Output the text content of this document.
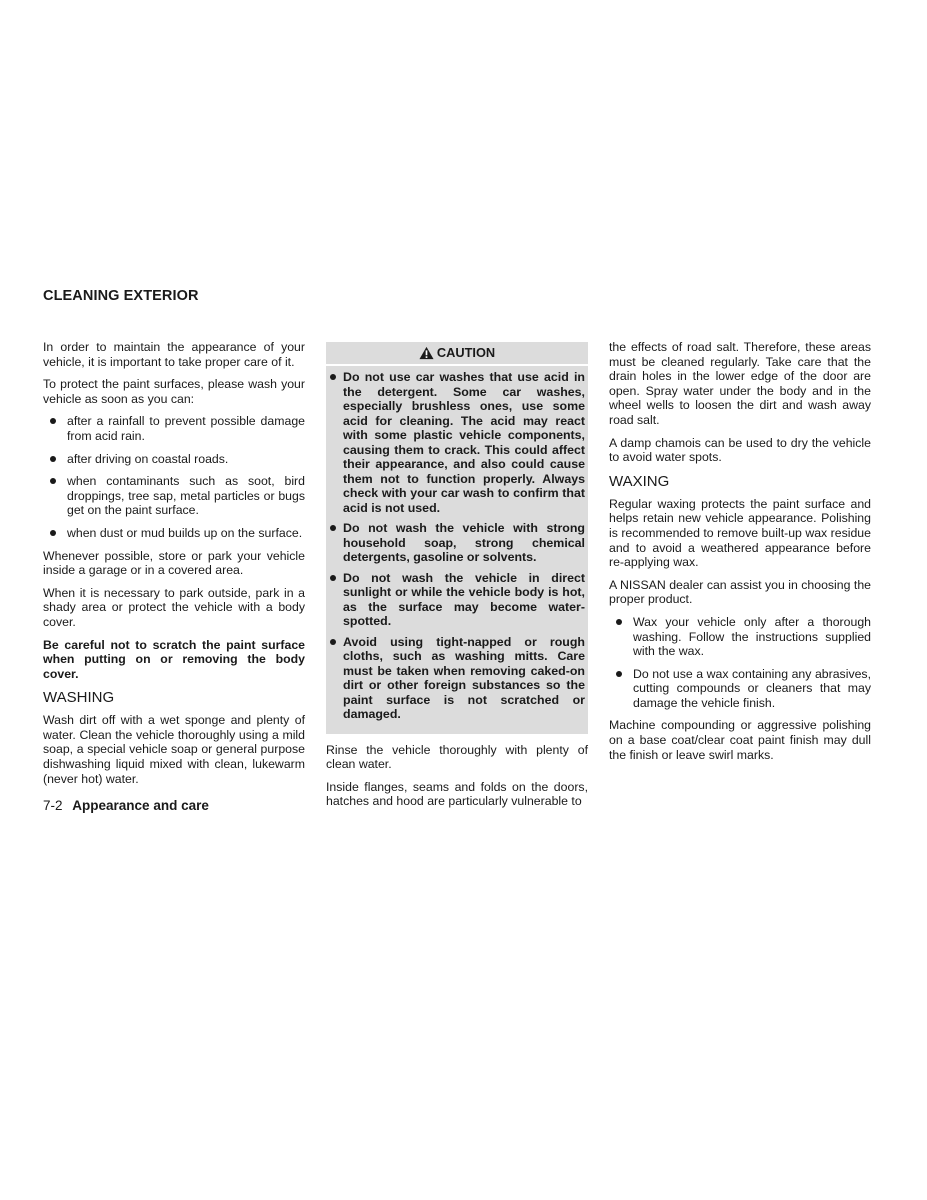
CLEANING EXTERIOR

In order to maintain the appearance of your vehicle, it is important to take proper care of it.

To protect the paint surfaces, please wash your vehicle as soon as you can:

after a rainfall to prevent possible damage from acid rain.
after driving on coastal roads.
when contaminants such as soot, bird droppings, tree sap, metal particles or bugs get on the paint surface.
when dust or mud builds up on the surface.

Whenever possible, store or park your vehicle inside a garage or in a covered area.

When it is necessary to park outside, park in a shady area or protect the vehicle with a body cover.

Be careful not to scratch the paint surface when putting on or removing the body cover.

WASHING

Wash dirt off with a wet sponge and plenty of water. Clean the vehicle thoroughly using a mild soap, a special vehicle soap or general purpose dishwashing liquid mixed with clean, lukewarm (never hot) water.

CAUTION
Do not use car washes that use acid in the detergent. Some car washes, especially brushless ones, use some acid for cleaning. The acid may react with some plastic vehicle components, causing them to crack. This could affect their appearance, and also could cause them not to function properly. Always check with your car wash to confirm that acid is not used.
Do not wash the vehicle with strong household soap, strong chemical detergents, gasoline or solvents.
Do not wash the vehicle in direct sunlight or while the vehicle body is hot, as the surface may become water-spotted.
Avoid using tight-napped or rough cloths, such as washing mitts. Care must be taken when removing caked-on dirt or other foreign substances so the paint surface is not scratched or damaged.

Rinse the vehicle thoroughly with plenty of clean water.

Inside flanges, seams and folds on the doors, hatches and hood are particularly vulnerable to

the effects of road salt. Therefore, these areas must be cleaned regularly. Take care that the drain holes in the lower edge of the door are open. Spray water under the body and in the wheel wells to loosen the dirt and wash away road salt.

A damp chamois can be used to dry the vehicle to avoid water spots.

WAXING

Regular waxing protects the paint surface and helps retain new vehicle appearance. Polishing is recommended to remove built-up wax residue and to avoid a weathered appearance before re-applying wax.

A NISSAN dealer can assist you in choosing the proper product.

Wax your vehicle only after a thorough washing. Follow the instructions supplied with the wax.
Do not use a wax containing any abrasives, cutting compounds or cleaners that may damage the vehicle finish.

Machine compounding or aggressive polishing on a base coat/clear coat paint finish may dull the finish or leave swirl marks.

7-2 Appearance and care
